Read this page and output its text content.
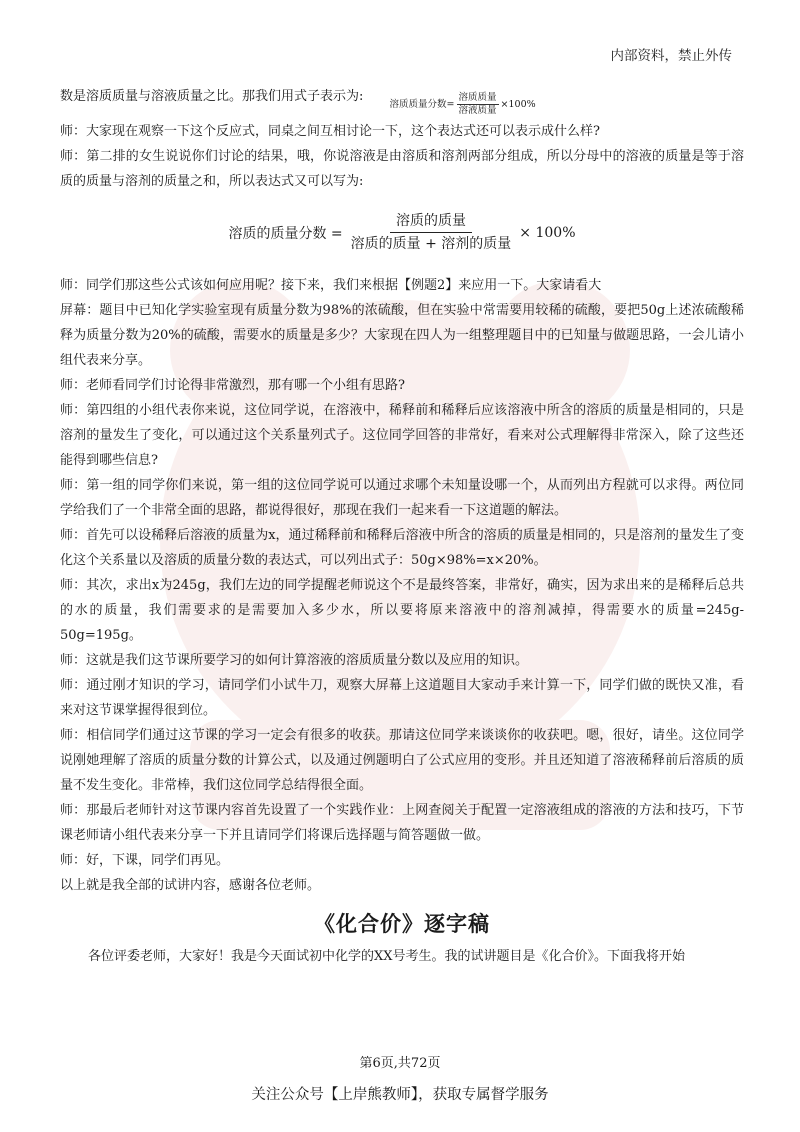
内部资料，禁止外传

数是溶质质量与溶液质量之比。那我们用式子表示为:
溶质质量分数= $\frac{\text{溶质质量}}{\text{溶液质量}} \times 100\%$

师：大家现在观察一下这个反应式，同桌之间互相讨论一下，这个表达式还可以表示成什么样?

师：第二排的女生说说你们讨论的结果，哦，你说溶液是由溶质和溶剂两部分组成，所以分母中的溶液的质量是等于溶质的质量与溶剂的质量之和，所以表达式又可以写为:

溶质的质量分数 = $\frac{\text{溶质的质量}}{\text{溶质的质量 + 溶剂的质量}} \times 100\%$

师：同学们那这些公式该如何应用呢？接下来，我们来根据【例题2】来应用一下。大家请看大

屏幕：题目中已知化学实验室现有质量分数为98%的浓硫酸，但在实验中常需要用较稀的硫酸，要把50g上述浓硫酸稀释为质量分数为20%的硫酸，需要水的质量是多少？大家现在四人为一组整理题目中的已知量与做题思路，一会儿请小组代表来分享。

师：老师看同学们讨论得非常激烈，那有哪一个小组有思路?

师：第四组的小组代表你来说，这位同学说，在溶液中，稀释前和稀释后应该溶液中所含的溶质的质量是相同的，只是溶剂的量发生了变化，可以通过这个关系量列式子。这位同学回答的非常好，看来对公式理解得非常深入，除了这些还能得到哪些信息?

师：第一组的同学你们来说，第一组的这位同学说可以通过求哪个未知量设哪一个，从而列出方程就可以求得。两位同学给我们了一个非常全面的思路，都说得很好，那现在我们一起来看一下这道题的解法。

师：首先可以设稀释后溶液的质量为x，通过稀释前和稀释后溶液中所含的溶质的质量是相同的，只是溶剂的量发生了变化这个关系量以及溶质的质量分数的表达式，可以列出式子：50g×98%=x×20%。

师：其次，求出x为245g，我们左边的同学提醒老师说这个不是最终答案，非常好，确实，因为求出来的是稀释后总共的水的质量，我们需要求的是需要加入多少水，所以要将原来溶液中的溶剂减掉，得需要水的质量=245g-50g=195g。

师：这就是我们这节课所要学习的如何计算溶液的溶质质量分数以及应用的知识。

师：通过刚才知识的学习，请同学们小试牛刀，观察大屏幕上这道题目大家动手来计算一下，同学们做的既快又准，看来对这节课掌握得很到位。

师：相信同学们通过这节课的学习一定会有很多的收获。那请这位同学来谈谈你的收获吧。嗯，很好，请坐。这位同学说刚她理解了溶质的质量分数的计算公式，以及通过例题明白了公式应用的变形。并且还知道了溶液稀释前后溶质的质量不发生变化。非常棒，我们这位同学总结得很全面。

师：那最后老师针对这节课内容首先设置了一个实践作业：上网查阅关于配置一定溶液组成的溶液的方法和技巧，下节课老师请小组代表来分享一下并且请同学们将课后选择题与简答题做一做。

师：好，下课，同学们再见。

以上就是我全部的试讲内容，感谢各位老师。

《化合价》逐字稿

各位评委老师，大家好！我是今天面试初中化学的XX号考生。我的试讲题目是《化合价》。下面我将开始

第6页,共72页
关注公众号【上岸熊教师】，获取专属督学服务
